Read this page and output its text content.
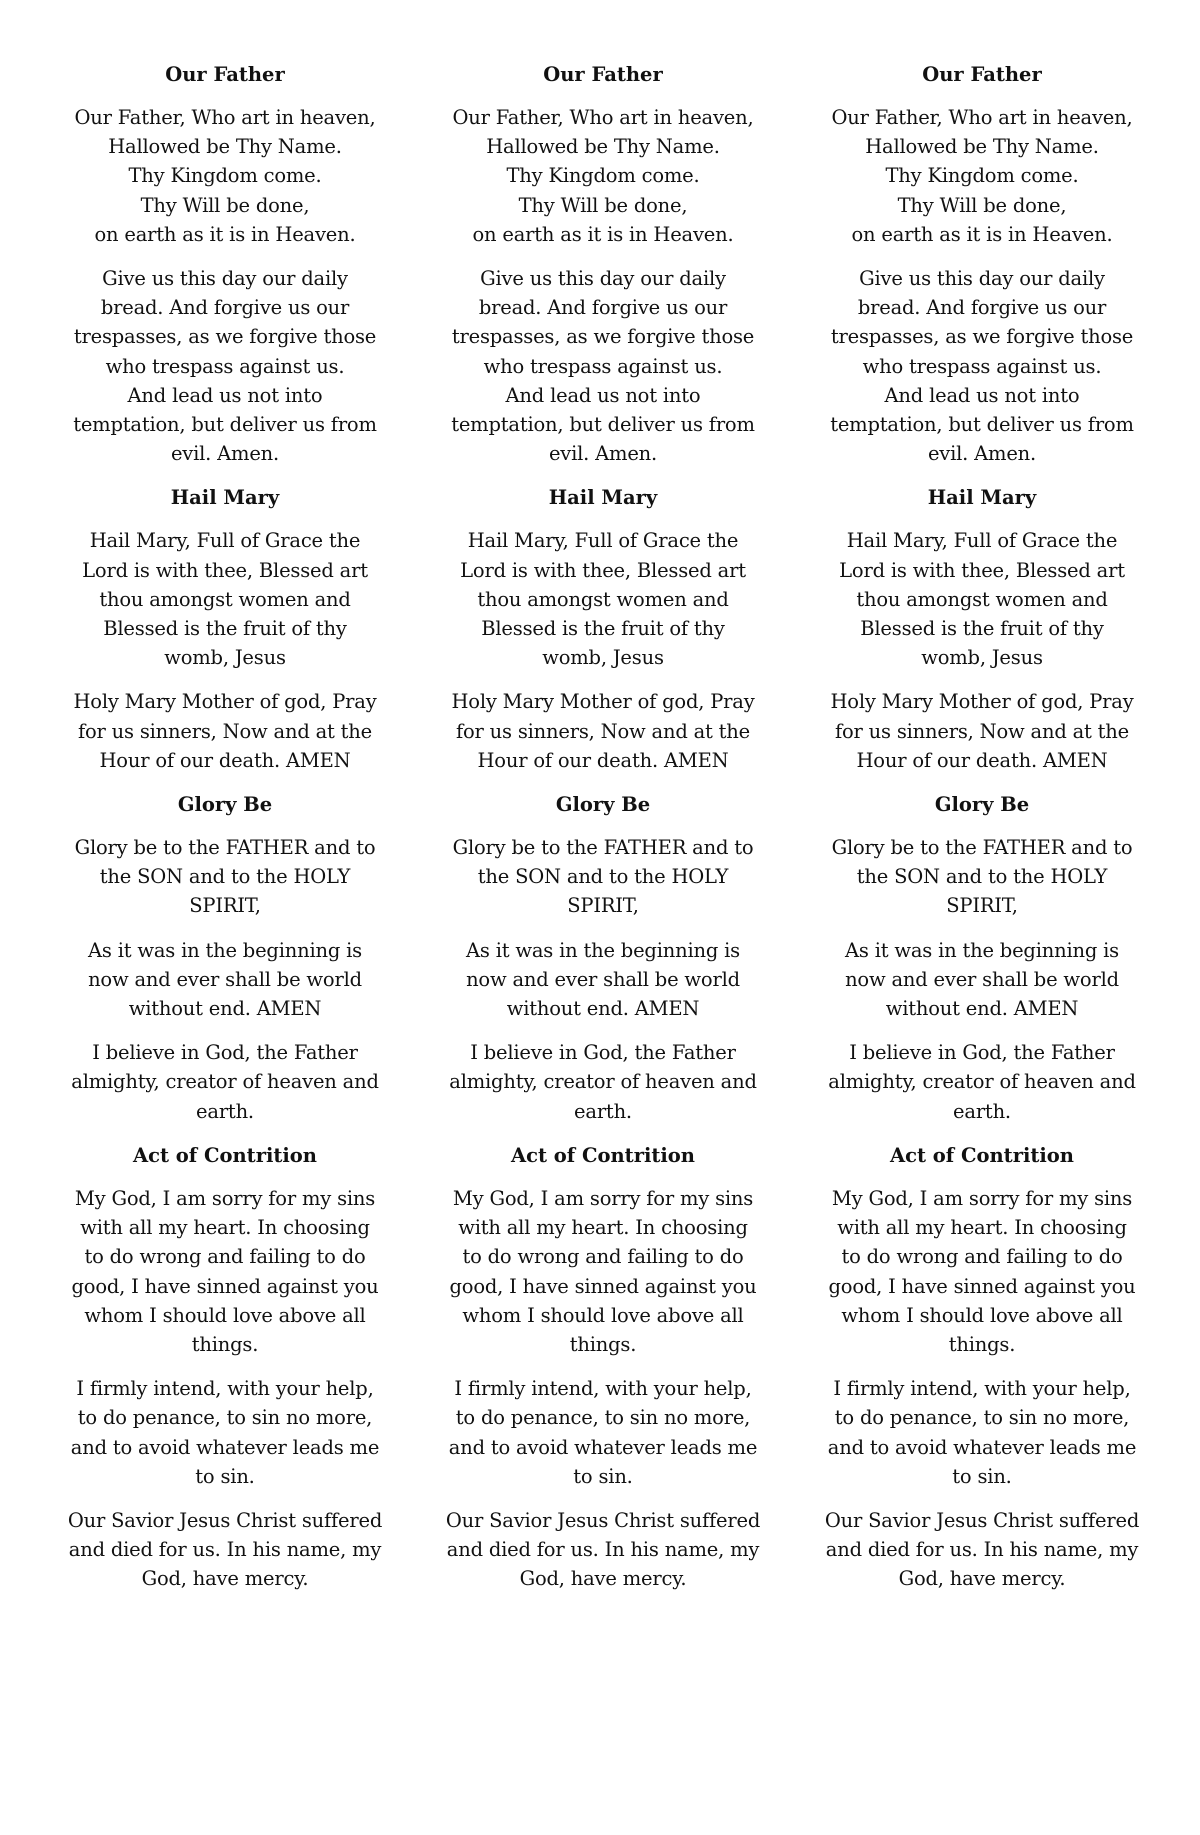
Our Father
Our Father, Who art in heaven,
Hallowed be Thy Name.
Thy Kingdom come.
Thy Will be done,
on earth as it is in Heaven.
Give us this day our daily
bread. And forgive us our
trespasses, as we forgive those
who trespass against us.
And lead us not into
temptation, but deliver us from
evil. Amen.
Hail Mary
Hail Mary, Full of Grace the
Lord is with thee, Blessed art
thou amongst women and
Blessed is the fruit of thy
womb, Jesus
Holy Mary Mother of god, Pray
for us sinners, Now and at the
Hour of our death. AMEN
Glory Be
Glory be to the FATHER and to
the SON and to the HOLY
SPIRIT,
As it was in the beginning is
now and ever shall be world
without end. AMEN
I believe in God, the Father
almighty, creator of heaven and
earth.
Act of Contrition
My God, I am sorry for my sins
with all my heart. In choosing
to do wrong and failing to do
good, I have sinned against you
whom I should love above all
things.
I firmly intend, with your help,
to do penance, to sin no more,
and to avoid whatever leads me
to sin.
Our Savior Jesus Christ suffered
and died for us. In his name, my
God, have mercy.
Our Father
Our Father, Who art in heaven,
Hallowed be Thy Name.
Thy Kingdom come.
Thy Will be done,
on earth as it is in Heaven.
Give us this day our daily
bread. And forgive us our
trespasses, as we forgive those
who trespass against us.
And lead us not into
temptation, but deliver us from
evil. Amen.
Hail Mary
Hail Mary, Full of Grace the
Lord is with thee, Blessed art
thou amongst women and
Blessed is the fruit of thy
womb, Jesus
Holy Mary Mother of god, Pray
for us sinners, Now and at the
Hour of our death. AMEN
Glory Be
Glory be to the FATHER and to
the SON and to the HOLY
SPIRIT,
As it was in the beginning is
now and ever shall be world
without end. AMEN
I believe in God, the Father
almighty, creator of heaven and
earth.
Act of Contrition
My God, I am sorry for my sins
with all my heart. In choosing
to do wrong and failing to do
good, I have sinned against you
whom I should love above all
things.
I firmly intend, with your help,
to do penance, to sin no more,
and to avoid whatever leads me
to sin.
Our Savior Jesus Christ suffered
and died for us. In his name, my
God, have mercy.
Our Father
Our Father, Who art in heaven,
Hallowed be Thy Name.
Thy Kingdom come.
Thy Will be done,
on earth as it is in Heaven.
Give us this day our daily
bread. And forgive us our
trespasses, as we forgive those
who trespass against us.
And lead us not into
temptation, but deliver us from
evil. Amen.
Hail Mary
Hail Mary, Full of Grace the
Lord is with thee, Blessed art
thou amongst women and
Blessed is the fruit of thy
womb, Jesus
Holy Mary Mother of god, Pray
for us sinners, Now and at the
Hour of our death. AMEN
Glory Be
Glory be to the FATHER and to
the SON and to the HOLY
SPIRIT,
As it was in the beginning is
now and ever shall be world
without end. AMEN
I believe in God, the Father
almighty, creator of heaven and
earth.
Act of Contrition
My God, I am sorry for my sins
with all my heart. In choosing
to do wrong and failing to do
good, I have sinned against you
whom I should love above all
things.
I firmly intend, with your help,
to do penance, to sin no more,
and to avoid whatever leads me
to sin.
Our Savior Jesus Christ suffered
and died for us. In his name, my
God, have mercy.
